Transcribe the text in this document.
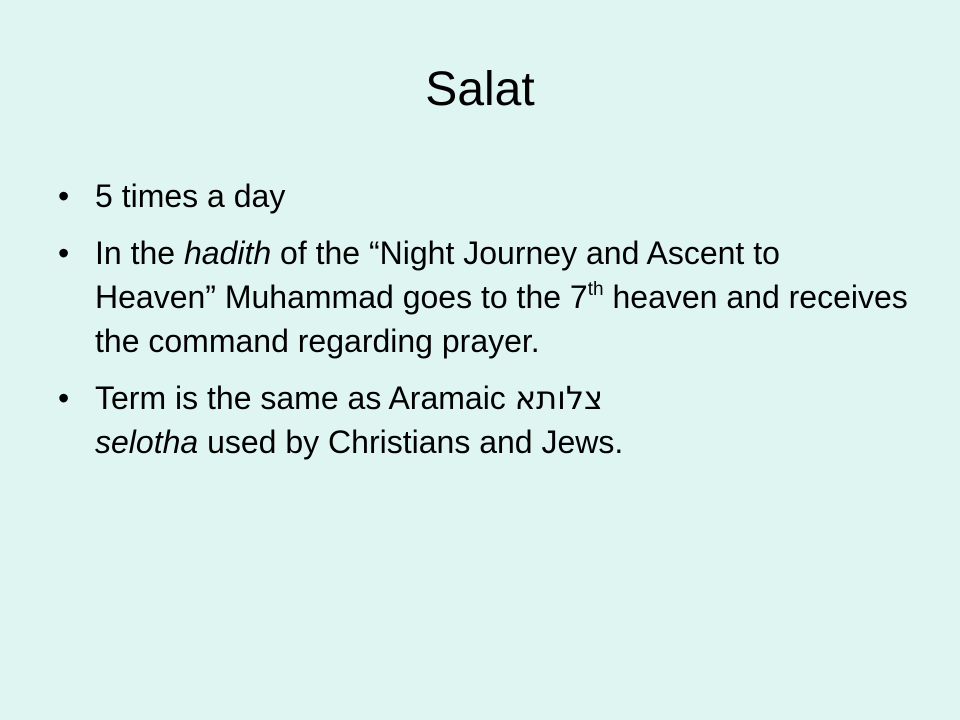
Salat
• 5 times a day
• In the hadith of the “Night Journey and Ascent to Heaven” Muhammad goes to the 7th heaven and receives the command regarding prayer.
• Term is the same as Aramaic צלותא
selotha used by Christians and Jews.
